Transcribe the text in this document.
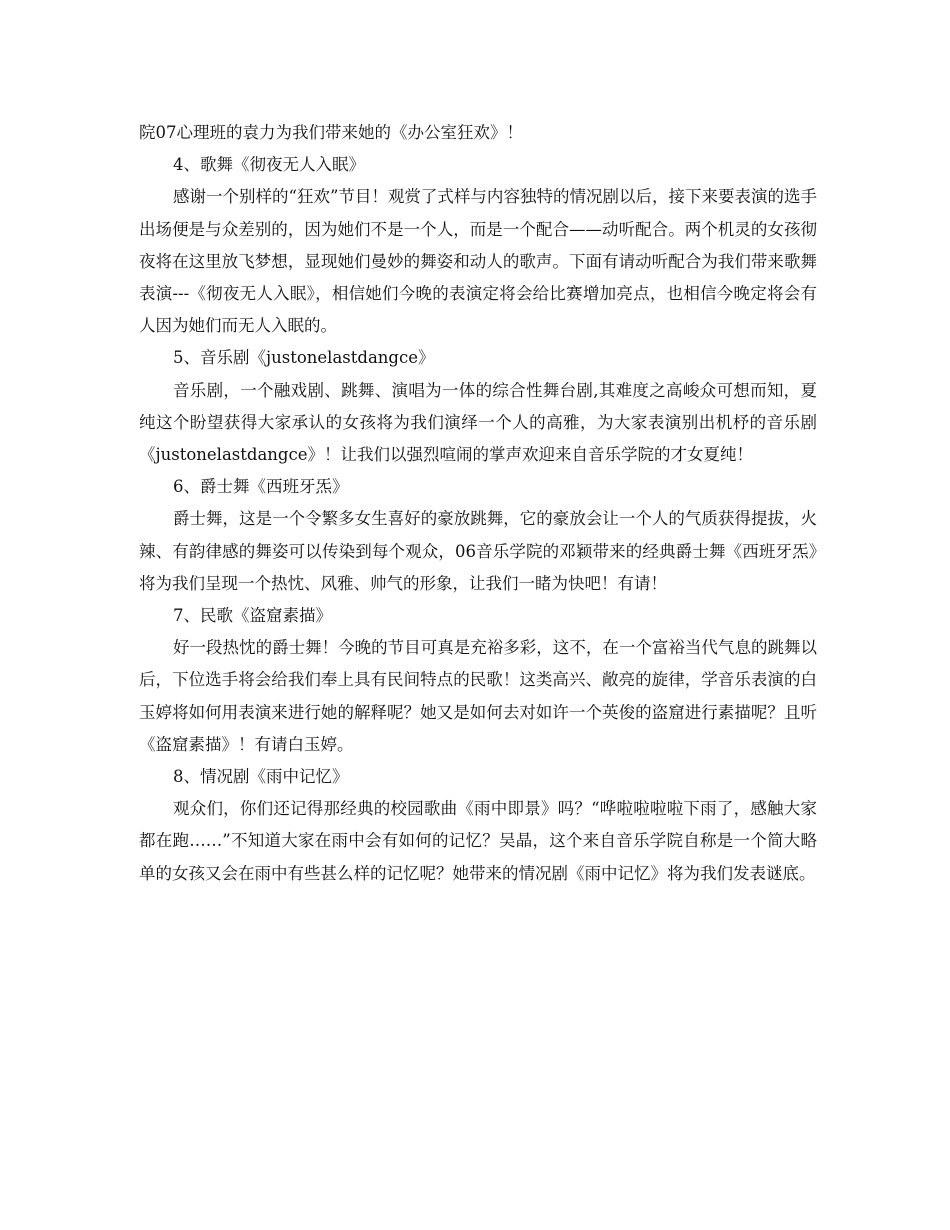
院07心理班的袁力为我们带来她的《办公室狂欢》！

4、歌舞《彻夜无人入眠》

感谢一个别样的“狂欢”节目！观赏了式样与内容独特的情况剧以后，接下来要表演的选手出场便是与众差别的，因为她们不是一个人，而是一个配合——动听配合。两个机灵的女孩彻夜将在这里放飞梦想，显现她们曼妙的舞姿和动人的歌声。下面有请动听配合为我们带来歌舞表演---《彻夜无人入眠》，相信她们今晚的表演定将会给比赛增加亮点，也相信今晚定将会有人因为她们而无人入眠的。

5、音乐剧《justonelastdangce》

音乐剧，一个融戏剧、跳舞、演唱为一体的综合性舞台剧,其难度之高峻众可想而知，夏纯这个盼望获得大家承认的女孩将为我们演绎一个人的高雅，为大家表演别出机杼的音乐剧《justonelastdangce》！让我们以强烈喧闹的掌声欢迎来自音乐学院的才女夏纯！

6、爵士舞《西班牙炁》

爵士舞，这是一个令繁多女生喜好的豪放跳舞，它的豪放会让一个人的气质获得提拔，火辣、有韵律感的舞姿可以传染到每个观众，06音乐学院的邓颖带来的经典爵士舞《西班牙炁》将为我们呈现一个热忱、风雅、帅气的形象，让我们一睹为快吧！有请！

7、民歌《盗窟素描》

好一段热忱的爵士舞！今晚的节目可真是充裕多彩，这不，在一个富裕当代气息的跳舞以后，下位选手将会给我们奉上具有民间特点的民歌！这类高兴、敞亮的旋律，学音乐表演的白玉婷将如何用表演来进行她的解释呢？她又是如何去对如许一个英俊的盗窟进行素描呢？且听《盗窟素描》！有请白玉婷。

8、情况剧《雨中记忆》

观众们，你们还记得那经典的校园歌曲《雨中即景》吗？“哗啦啦啦啦下雨了，感触大家都在跑……”不知道大家在雨中会有如何的记忆？吴晶，这个来自音乐学院自称是一个简大略单的女孩又会在雨中有些甚么样的记忆呢？她带来的情况剧《雨中记忆》将为我们发表谜底。
